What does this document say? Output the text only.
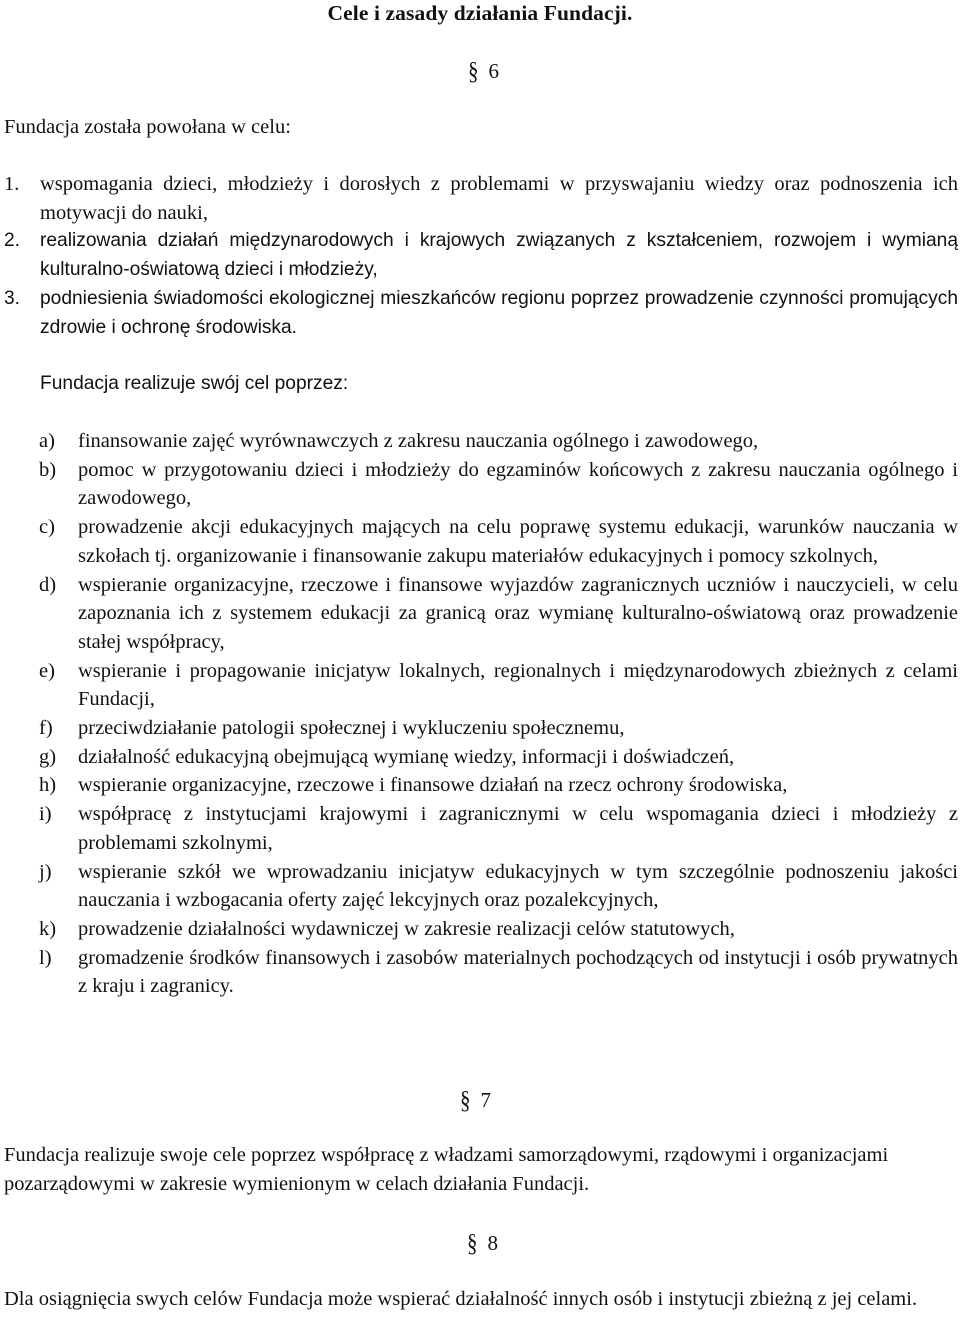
Cele i zasady działania Fundacji.
§ 6
Fundacja została powołana w celu:
1. wspomagania dzieci, młodzieży i dorosłych z problemami w przyswajaniu wiedzy oraz podnoszenia ich motywacji do nauki,
2. realizowania działań międzynarodowych i krajowych związanych z kształceniem, rozwojem i wymianą kulturalno-oświatową dzieci i młodzieży,
3. podniesienia świadomości ekologicznej mieszkańców regionu poprzez prowadzenie czynności promujących zdrowie i ochronę środowiska.
Fundacja realizuje swój cel poprzez:
a) finansowanie zajęć wyrównawczych z zakresu nauczania ogólnego i zawodowego,
b) pomoc w przygotowaniu dzieci i młodzieży do egzaminów końcowych z zakresu nauczania ogólnego i zawodowego,
c) prowadzenie akcji edukacyjnych mających na celu poprawę systemu edukacji, warunków nauczania w szkołach tj. organizowanie i finansowanie zakupu materiałów edukacyjnych i pomocy szkolnych,
d) wspieranie organizacyjne, rzeczowe i finansowe wyjazdów zagranicznych uczniów i nauczycieli, w celu zapoznania ich z systemem edukacji za granicą oraz wymianę kulturalno-oświatową oraz prowadzenie stałej współpracy,
e) wspieranie i propagowanie inicjatyw lokalnych, regionalnych i międzynarodowych zbieżnych z celami Fundacji,
f) przeciwdziałanie patologii społecznej i wykluczeniu społecznemu,
g) działalność edukacyjną obejmującą wymianę wiedzy, informacji i doświadczeń,
h) wspieranie organizacyjne, rzeczowe i finansowe działań na rzecz ochrony środowiska,
i) współpracę z instytucjami krajowymi i zagranicznymi w celu wspomagania dzieci i młodzieży z problemami szkolnymi,
j) wspieranie szkół we wprowadzaniu inicjatyw edukacyjnych w tym szczególnie podnoszeniu jakości nauczania i wzbogacania oferty zajęć lekcyjnych oraz pozalekcyjnych,
k) prowadzenie działalności wydawniczej w zakresie realizacji celów statutowych,
l) gromadzenie środków finansowych i zasobów materialnych pochodzących od instytucji i osób prywatnych z kraju i zagranicy.
§ 7
Fundacja realizuje swoje cele poprzez współpracę z władzami samorządowymi, rządowymi i organizacjami pozarządowymi w zakresie wymienionym w celach działania Fundacji.
§ 8
Dla osiągnięcia swych celów Fundacja może wspierać działalność innych osób i instytucji zbieżną z jej celami.
